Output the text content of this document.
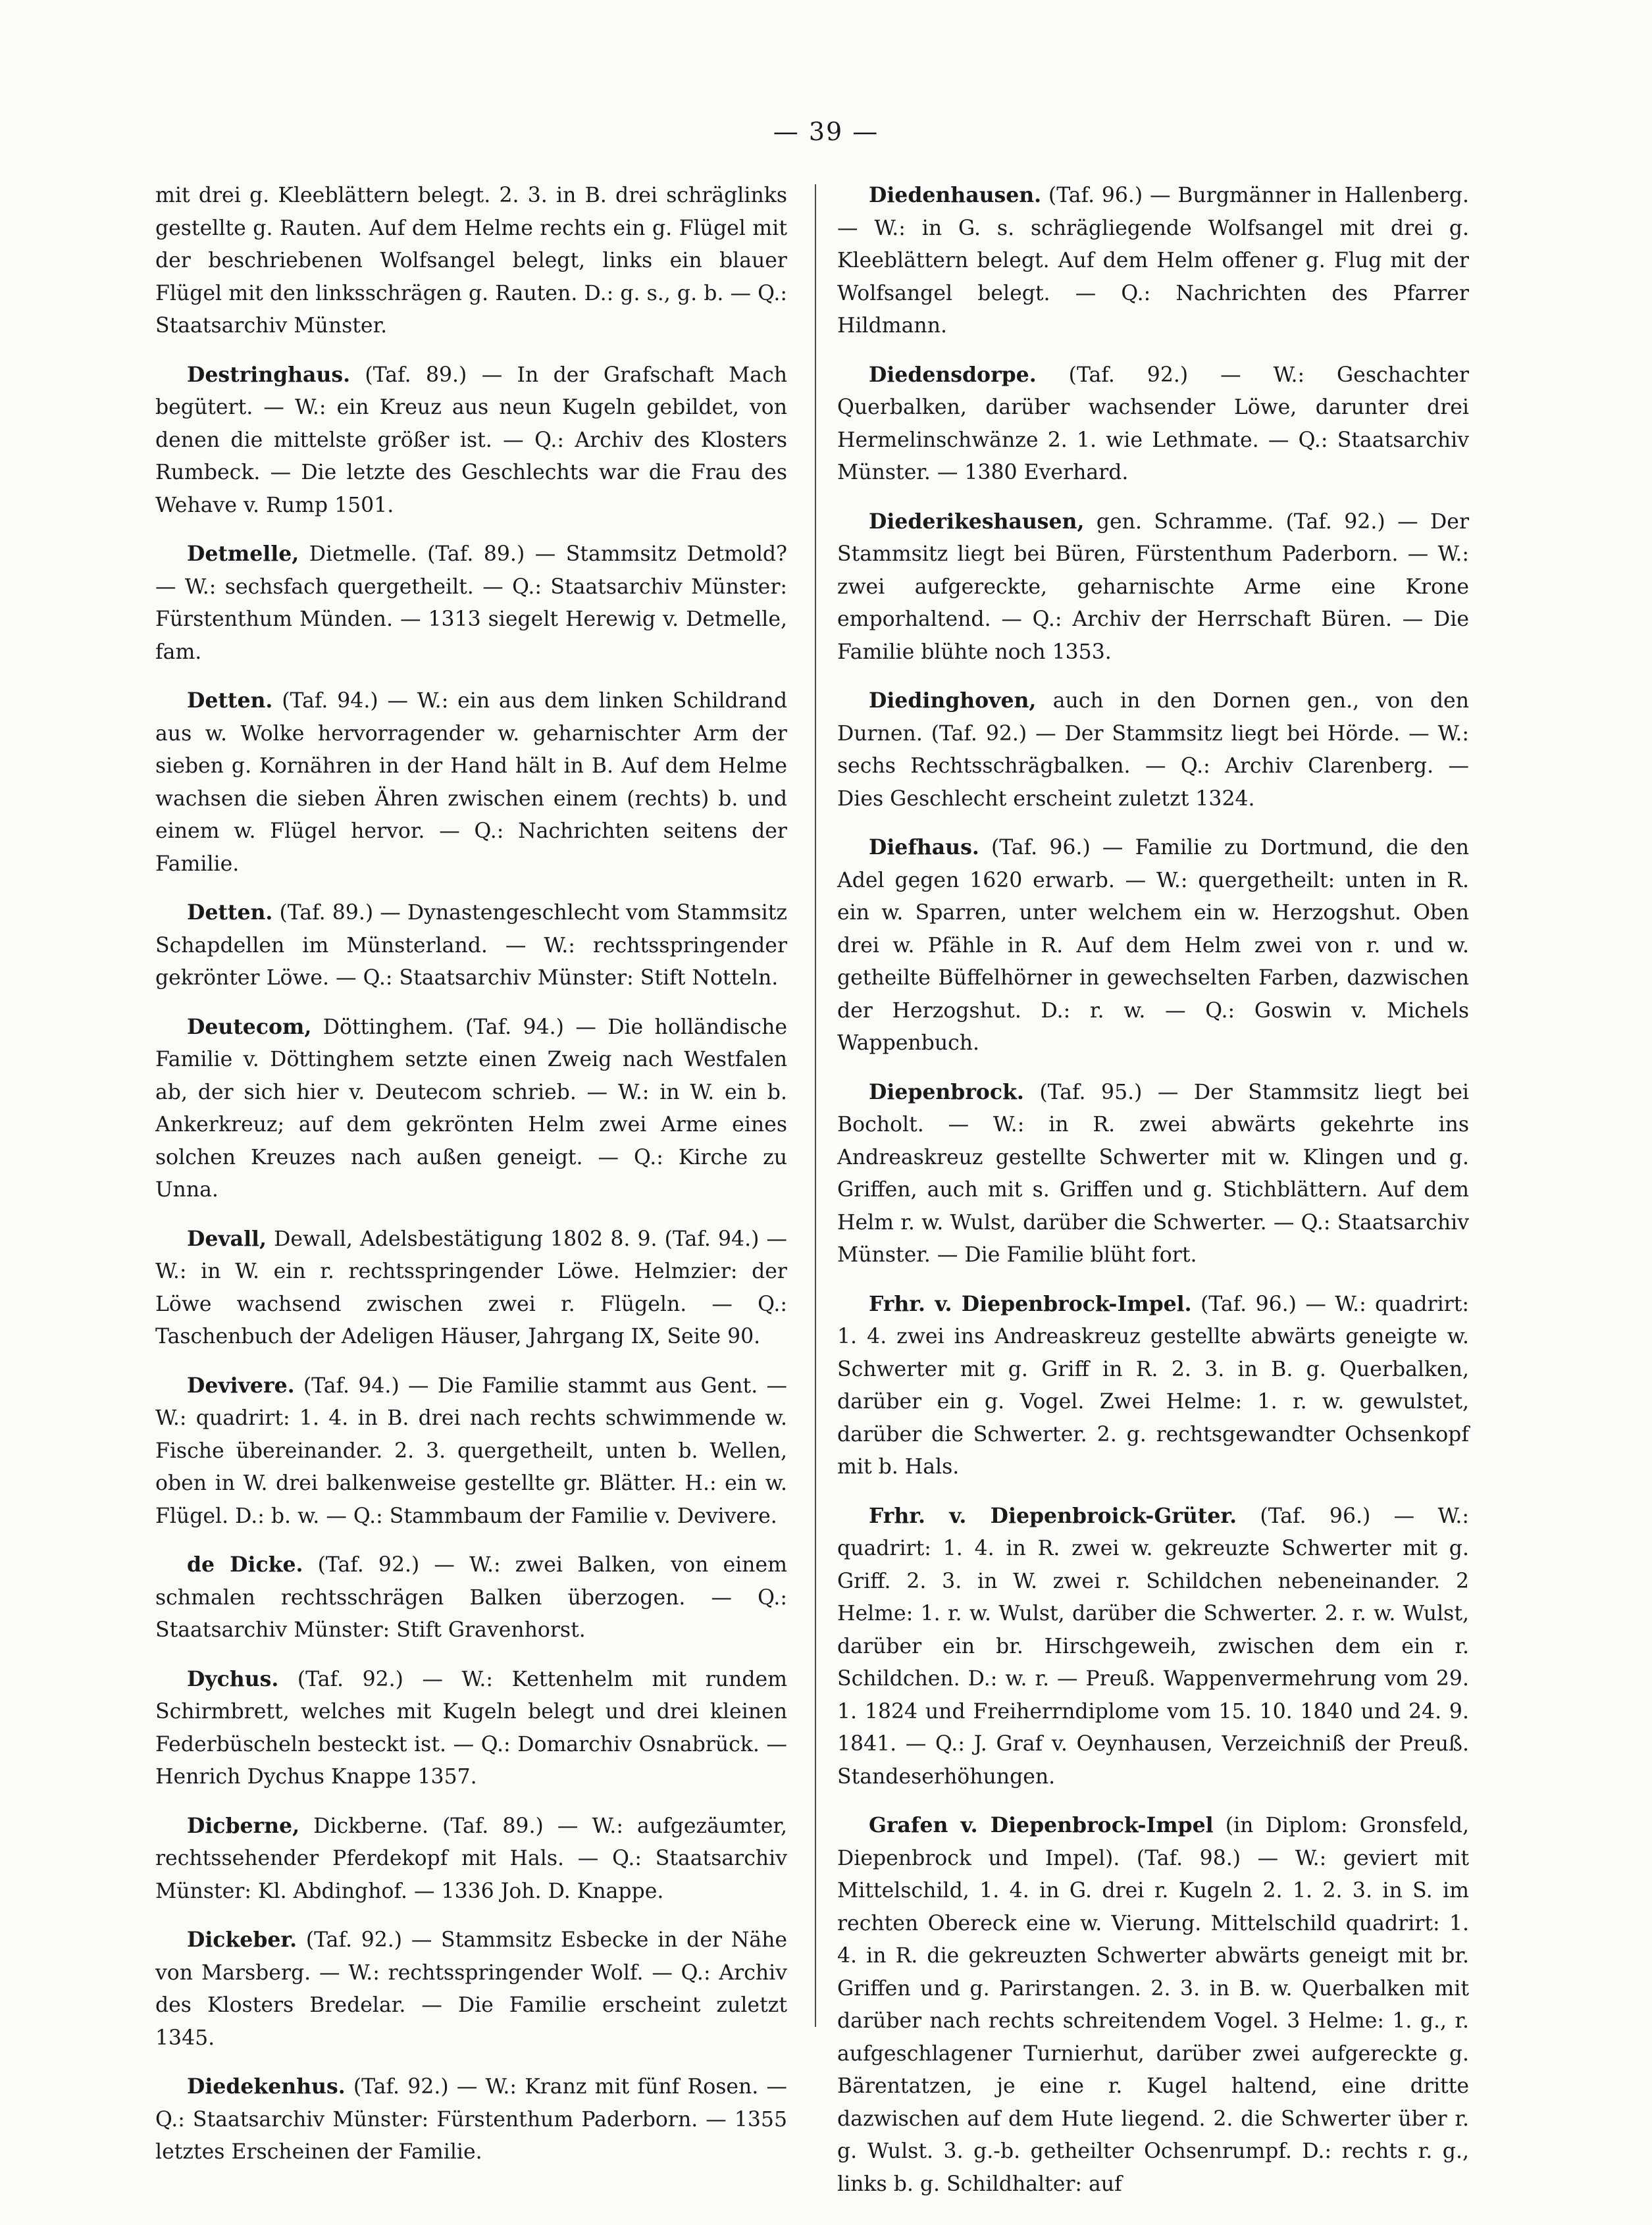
— 39 —

mit drei g. Kleeblättern belegt. 2. 3. in B. drei schräglinks gestellte g. Rauten. Auf dem Helme rechts ein g. Flügel mit der beschriebenen Wolfsangel belegt, links ein blauer Flügel mit den linksschrägen g. Rauten. D.: g. s., g. b. — Q.: Staatsarchiv Münster.

Destringhaus. (Taf. 89.) — In der Grafschaft Mach begütert. — W.: ein Kreuz aus neun Kugeln gebildet, von denen die mittelste größer ist. — Q.: Archiv des Klosters Rumbeck. — Die letzte des Geschlechts war die Frau des Wehave v. Rump 1501.

Detmelle, Dietmelle. (Taf. 89.) — Stammsitz Detmold? — W.: sechsfach quergetheilt. — Q.: Staatsarchiv Münster: Fürstenthum Münden. — 1313 siegelt Herewig v. Detmelle, fam.

Detten. (Taf. 94.) — W.: ein aus dem linken Schildrand aus w. Wolke hervorragender w. geharnischter Arm der sieben g. Kornähren in der Hand hält in B. Auf dem Helme wachsen die sieben Ähren zwischen einem (rechts) b. und einem w. Flügel hervor. — Q.: Nachrichten seitens der Familie.

Detten. (Taf. 89.) — Dynastengeschlecht vom Stammsitz Schapdellen im Münsterland. — W.: rechtsspringender gekrönter Löwe. — Q.: Staatsarchiv Münster: Stift Notteln.

Deutecom, Döttinghem. (Taf. 94.) — Die holländische Familie v. Döttinghem setzte einen Zweig nach Westfalen ab, der sich hier v. Deutecom schrieb. — W.: in W. ein b. Ankerkreuz; auf dem gekrönten Helm zwei Arme eines solchen Kreuzes nach außen geneigt. — Q.: Kirche zu Unna.

Devall, Dewall, Adelsbestätigung 1802 8. 9. (Taf. 94.) — W.: in W. ein r. rechtsspringender Löwe. Helmzier: der Löwe wachsend zwischen zwei r. Flügeln. — Q.: Taschenbuch der Adeligen Häuser, Jahrgang IX, Seite 90.

Devivere. (Taf. 94.) — Die Familie stammt aus Gent. — W.: quadrirt: 1. 4. in B. drei nach rechts schwimmende w. Fische übereinander. 2. 3. quergetheilt, unten b. Wellen, oben in W. drei balkenweise gestellte gr. Blätter. H.: ein w. Flügel. D.: b. w. — Q.: Stammbaum der Familie v. Devivere.

de Dicke. (Taf. 92.) — W.: zwei Balken, von einem schmalen rechtsschrägen Balken überzogen. — Q.: Staatsarchiv Münster: Stift Gravenhorst.

Dychus. (Taf. 92.) — W.: Kettenhelm mit rundem Schirmbrett, welches mit Kugeln belegt und drei kleinen Federbüscheln besteckt ist. — Q.: Domarchiv Osnabrück. — Henrich Dychus Knappe 1357.

Dicberne, Dickberne. (Taf. 89.) — W.: aufgezäumter, rechtssehender Pferdekopf mit Hals. — Q.: Staatsarchiv Münster: Kl. Abdinghof. — 1336 Joh. D. Knappe.

Dickeber. (Taf. 92.) — Stammsitz Esbecke in der Nähe von Marsberg. — W.: rechtsspringender Wolf. — Q.: Archiv des Klosters Bredelar. — Die Familie erscheint zuletzt 1345.

Diedekenhus. (Taf. 92.) — W.: Kranz mit fünf Rosen. — Q.: Staatsarchiv Münster: Fürstenthum Paderborn. — 1355 letztes Erscheinen der Familie.

Diedenhausen. (Taf. 96.) — Burgmänner in Hallenberg. — W.: in G. s. schrägliegende Wolfsangel mit drei g. Kleeblättern belegt. Auf dem Helm offener g. Flug mit der Wolfsangel belegt. — Q.: Nachrichten des Pfarrer Hildmann.

Diedensdorpe. (Taf. 92.) — W.: Geschachter Querbalken, darüber wachsender Löwe, darunter drei Hermelinschwänze 2. 1. wie Lethmate. — Q.: Staatsarchiv Münster. — 1380 Everhard.

Diederikeshausen, gen. Schramme. (Taf. 92.) — Der Stammsitz liegt bei Büren, Fürstenthum Paderborn. — W.: zwei aufgereckte, geharnischte Arme eine Krone emporhaltend. — Q.: Archiv der Herrschaft Büren. — Die Familie blühte noch 1353.

Diedinghoven, auch in den Dornen gen., von den Durnen. (Taf. 92.) — Der Stammsitz liegt bei Hörde. — W.: sechs Rechtsschrägbalken. — Q.: Archiv Clarenberg. — Dies Geschlecht erscheint zuletzt 1324.

Diefhaus. (Taf. 96.) — Familie zu Dortmund, die den Adel gegen 1620 erwarb. — W.: quergetheilt: unten in R. ein w. Sparren, unter welchem ein w. Herzogshut. Oben drei w. Pfähle in R. Auf dem Helm zwei von r. und w. getheilte Büffelhörner in gewechselten Farben, dazwischen der Herzogshut. D.: r. w. — Q.: Goswin v. Michels Wappenbuch.

Diepenbrock. (Taf. 95.) — Der Stammsitz liegt bei Bocholt. — W.: in R. zwei abwärts gekehrte ins Andreaskreuz gestellte Schwerter mit w. Klingen und g. Griffen, auch mit s. Griffen und g. Stichblättern. Auf dem Helm r. w. Wulst, darüber die Schwerter. — Q.: Staatsarchiv Münster. — Die Familie blüht fort.

Frhr. v. Diepenbrock-Impel. (Taf. 96.) — W.: quadrirt: 1. 4. zwei ins Andreaskreuz gestellte abwärts geneigte w. Schwerter mit g. Griff in R. 2. 3. in B. g. Querbalken, darüber ein g. Vogel. Zwei Helme: 1. r. w. gewulstet, darüber die Schwerter. 2. g. rechtsgewandter Ochsenkopf mit b. Hals.

Frhr. v. Diepenbroick-Grüter. (Taf. 96.) — W.: quadrirt: 1. 4. in R. zwei w. gekreuzte Schwerter mit g. Griff. 2. 3. in W. zwei r. Schildchen nebeneinander. 2 Helme: 1. r. w. Wulst, darüber die Schwerter. 2. r. w. Wulst, darüber ein br. Hirschgeweih, zwischen dem ein r. Schildchen. D.: w. r. — Preuß. Wappenvermehrung vom 29. 1. 1824 und Freiherrndiplome vom 15. 10. 1840 und 24. 9. 1841. — Q.: J. Graf v. Oeynhausen, Verzeichniß der Preuß. Standeserhöhungen.

Grafen v. Diepenbrock-Impel (in Diplom: Gronsfeld, Diepenbrock und Impel). (Taf. 98.) — W.: geviert mit Mittelschild, 1. 4. in G. drei r. Kugeln 2. 1. 2. 3. in S. im rechten Obereck eine w. Vierung. Mittelschild quadrirt: 1. 4. in R. die gekreuzten Schwerter abwärts geneigt mit br. Griffen und g. Parirstangen. 2. 3. in B. w. Querbalken mit darüber nach rechts schreitendem Vogel. 3 Helme: 1. g., r. aufgeschlagener Turnierhut, darüber zwei aufgereckte g. Bärentatzen, je eine r. Kugel haltend, eine dritte dazwischen auf dem Hute liegend. 2. die Schwerter über r. g. Wulst. 3. g.-b. getheilter Ochsenrumpf. D.: rechts r. g., links b. g. Schildhalter: auf
